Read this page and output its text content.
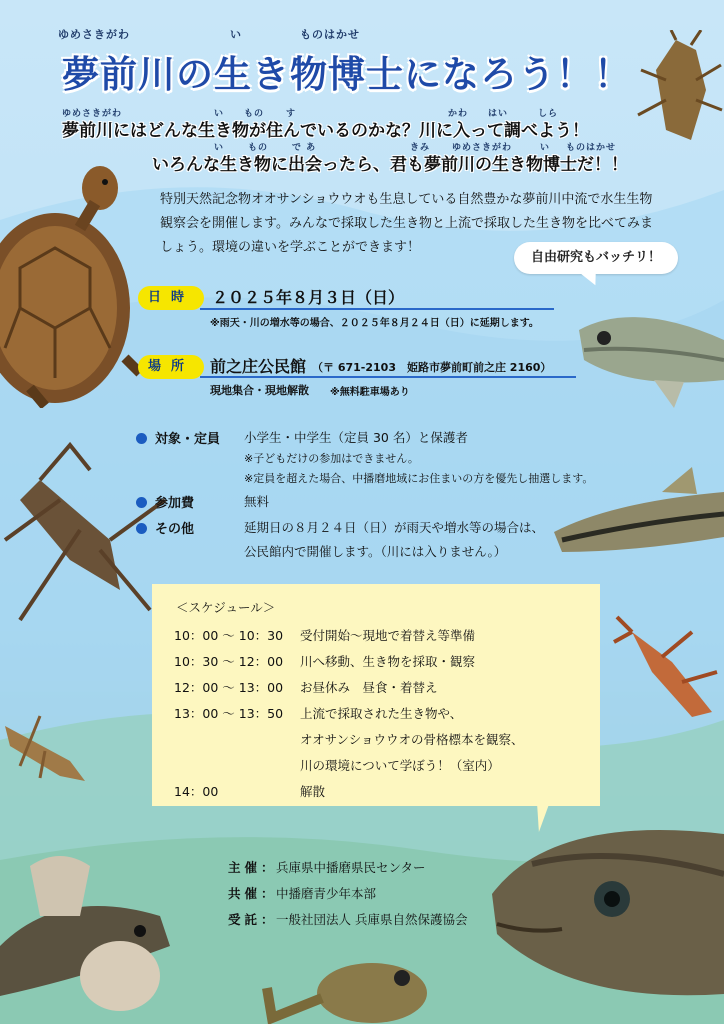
ゆめさきがわ	い	ものはかせ
夢前川の生き物博士になろう！！
ゆめさきがわ	い もの す	かわ はい	しら
夢前川にはどんな生き物が住んでいるのかな？川に入って調べよう！
い	もの	で あ	きみ ゆめさきがわ	い ものはかせ
いろんな生き物に出会ったら、君も夢前川の生き物博士だ！！
特別天然記念物オオサンショウウオも生息している自然豊かな夢前川中流で水生生物観察会を開催します。みんなで採取した生き物と上流で採取した生き物を比べてみましょう。環境の違いを学ぶことができます！
自由研究もバッチリ！
日時	２０２５年８月３日（日）
※雨天・川の増水等の場合、２０２５年８月２４日（日）に延期します。
場所	前之庄公民館 （〒 671-2103　姫路市夢前町前之庄 2160）
現地集合・現地解散 ※無料駐車場あり
対象・定員 小学生・中学生（定員 30 名）と保護者
※子どもだけの参加はできません。
※定員を超えた場合、中播磨地域にお住まいの方を優先し抽選します。
参加費	無料
その他	延期日の８月２４日（日）が雨天や増水等の場合は、
公民館内で開催します。（川には入りません。）
＜スケジュール＞
10：00 ～ 10：30 受付開始～現地で着替え等準備
10：30 ～ 12：00 川へ移動、生き物を採取・観察
12：00 ～ 13：00 お昼休み　昼食・着替え
13：00 ～ 13：50 上流で採取された生き物や、
オオサンショウウオの骨格標本を観察、
川の環境について学ぼう！（室内）
14：00	解散
主催：兵庫県中播磨県民センター
共催：中播磨青少年本部
受託：一般社団法人 兵庫県自然保護協会
